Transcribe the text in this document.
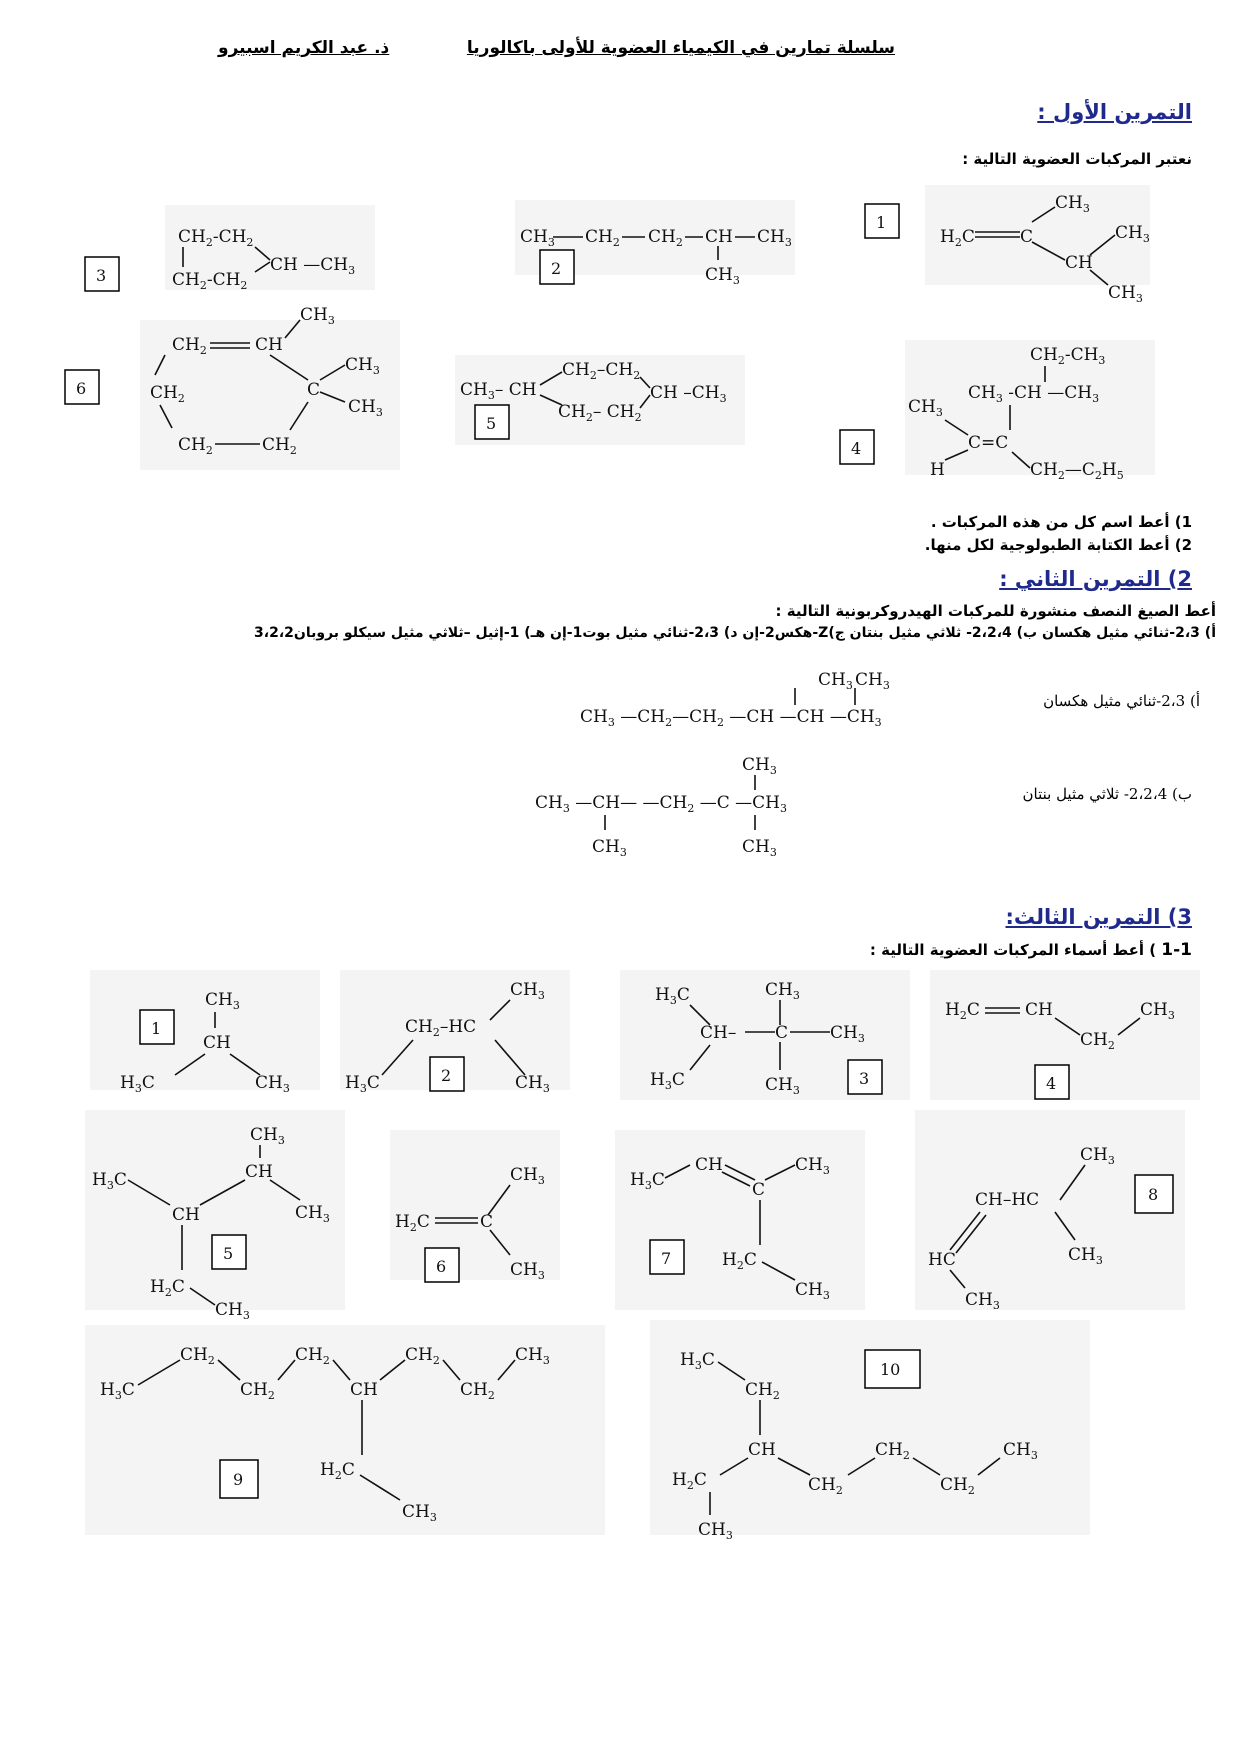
سلسلة تمارين في الكيمياء العضوية للأولى باكالوريا
ذ. عبد الكريم اسبيرو
التمرين الأول :
نعتبر المركبات العضوية التالية :
1
$H_2C$	C
$CH_3$
CH
$CH_3$
$CH_3$
$CH_3$ $CH_2$ $CH_2$ CH $CH_3$
$CH_3$
2
3
$CH_2-CH_2$
$CH_2-CH_2$
CH $—CH_3$
4
$CH_2-CH_3$
$CH_3$ -CH $—CH_3$
$CH_3$
C=C
H	$CH_2—C_2H_5$
5
$CH_3-$ CH
$CH_2-CH_2$
$CH_2-$ $CH_2$
CH $-CH_3$
6
$CH_2$	CH
$CH_3$
C
$CH_3$
$CH_3$
$CH_2$
$CH_2$	$CH_2$
1) أعط اسم كل من هذه المركبات .
2) أعط الكتابة الطبولوجية لكل منها.
2) التمرين الثاني :
أعط الصيغ النصف منشورة للمركبات الهيدروكربونية التالية :
أ) 2،3-ثنائي مثيل هكسان ب) 2،2،4- ثلاثي مثيل بنتان ج)Z-هكس2-إن د) 2،3-ثنائي مثيل بوت1-إن هـ) 1-إثيل –ثلاثي مثيل سيكلو بروبان3،2،2
أ) 2،3-ثنائي مثيل هكسان
ب) 2،2،4- ثلاثي مثيل بنتان
$CH_3$ $CH_3$
$CH_3$ $—CH_2—CH_2$ —CH —CH $—CH_3$
$CH_3$
$CH_3$ —CH— $—CH_2$ —C $—CH_3$
$CH_3$	$CH_3$
3) التمرين الثالث:
1-1 ) أعط أسماء المركبات العضوية التالية :
1
$CH_3$
CH
$H_3C$	$CH_3$
$CH_3$
$CH_2-HC$
$H_3C$	$CH_3$
2
$H_3C$	$CH_3$
CH– C $CH_3$
$H_3C$	$CH_3$
3
$H_2C$	CH
$CH_2$
$CH_3$
4
$CH_3$
CH
$CH_3$
$H_3C$
CH
$H_2C$
$CH_3$
5
$CH_3$
$H_2C$	C
$CH_3$
6
$H_3C$
CH
C
$CH_3$
$H_2C$
$CH_3$
7
$CH_3$
CH–HC
$CH_3$
HC
$CH_3$
8
$H_3C$
$CH_2$
$CH_2$
$CH_2$
CH
$CH_2$
$CH_2$
$CH_3$
$H_2C$
$CH_3$
9
$H_3C$
$CH_2$
CH
$CH_2$
$CH_2$
$CH_2$
$CH_3$
$H_2C$
$CH_3$
10
